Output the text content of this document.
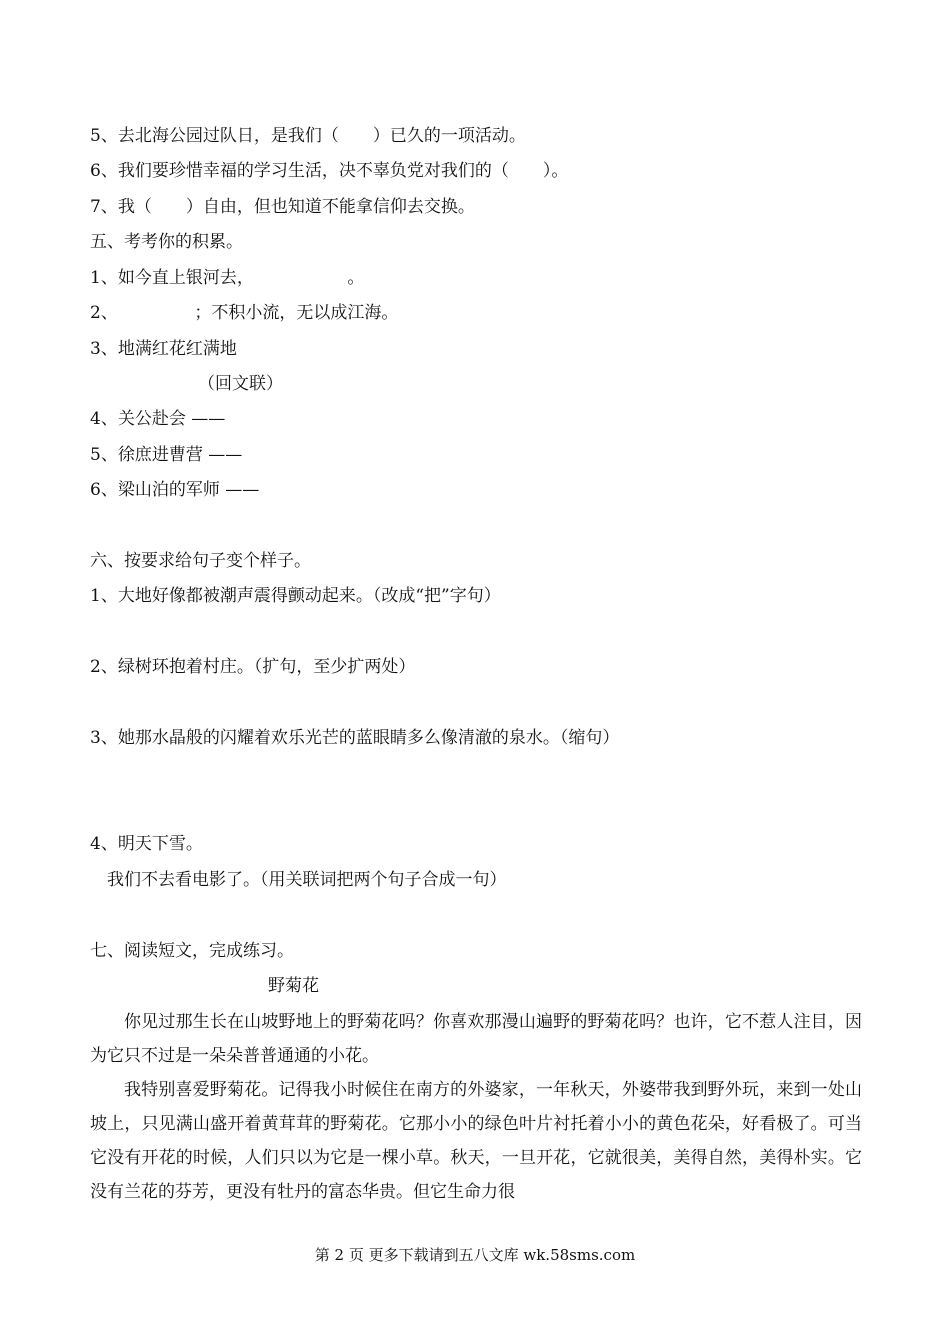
5、去北海公园过队日，是我们（　　）已久的一项活动。
6、我们要珍惜幸福的学习生活，决不辜负党对我们的（　　）。
7、我（　　）自由，但也知道不能拿信仰去交换。
五、考考你的积累。
1、如今直上银河去，　　　　　　。
2、　　　　　；不积小流，无以成江海。
3、地满红花红满地
（回文联）
4、关公赴会 ——
5、徐庶进曹营 ——
6、梁山泊的军师 ——
六、按要求给句子变个样子。
1、大地好像都被潮声震得颤动起来。（改成“把”字句）
2、绿树环抱着村庄。（扩句，至少扩两处）
3、她那水晶般的闪耀着欢乐光芒的蓝眼睛多么像清澈的泉水。（缩句）
4、明天下雪。
我们不去看电影了。（用关联词把两个句子合成一句）
七、阅读短文，完成练习。
野菊花

你见过那生长在山坡野地上的野菊花吗？你喜欢那漫山遍野的野菊花吗？也许，它不惹人注目，因为它只不过是一朵朵普普通通的小花。

我特别喜爱野菊花。记得我小时候住在南方的外婆家，一年秋天，外婆带我到野外玩，来到一处山坡上，只见满山盛开着黄茸茸的野菊花。它那小小的绿色叶片衬托着小小的黄色花朵，好看极了。可当它没有开花的时候，人们只以为它是一棵小草。秋天，一旦开花，它就很美，美得自然，美得朴实。它没有兰花的芬芳，更没有牡丹的富态华贵。但它生命力很

第 2 页 更多下载请到五八文库 wk.58sms.com
